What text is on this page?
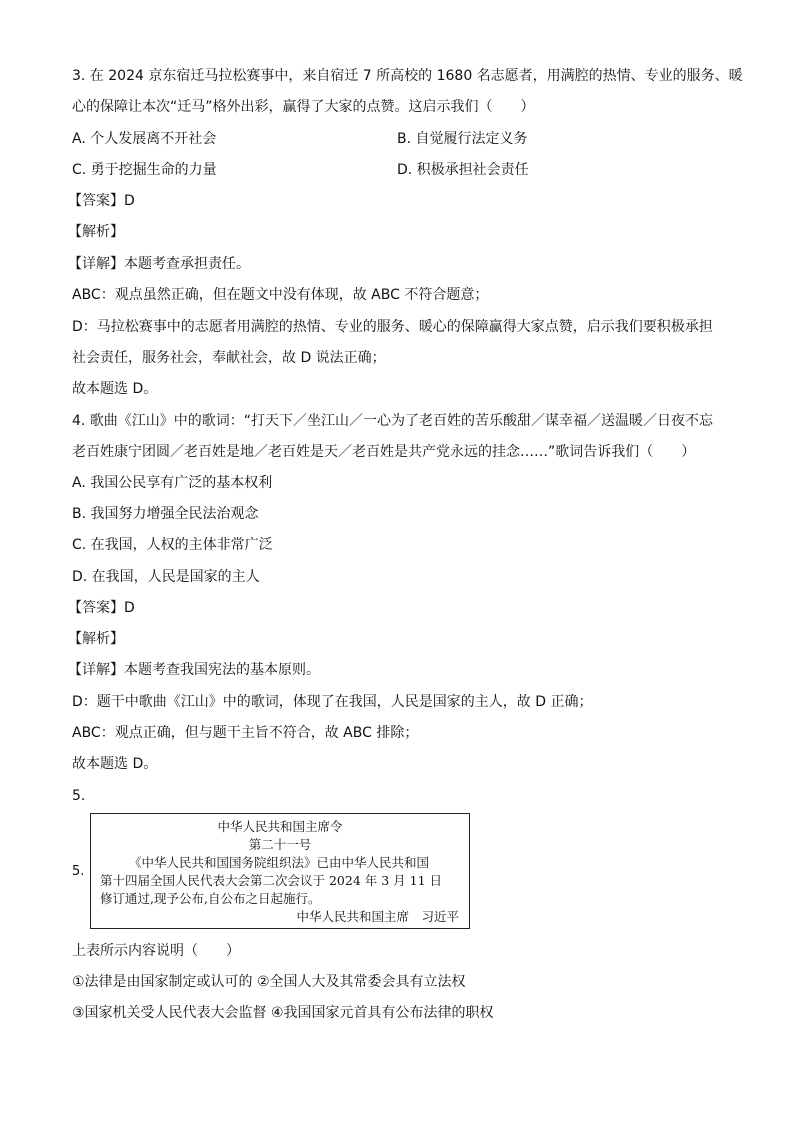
3. 在 2024 京东宿迁马拉松赛事中，来自宿迁 7 所高校的 1680 名志愿者，用满腔的热情、专业的服务、暖
心的保障让本次“迁马”格外出彩，赢得了大家的点赞。这启示我们（　　）
A. 个人发展离不开社会	B. 自觉履行法定义务
C. 勇于挖掘生命的力量	D. 积极承担社会责任
【答案】D
【解析】
【详解】本题考查承担责任。
ABC：观点虽然正确，但在题文中没有体现，故 ABC 不符合题意；
D：马拉松赛事中的志愿者用满腔的热情、专业的服务、暖心的保障赢得大家点赞，启示我们要积极承担
社会责任，服务社会，奉献社会，故 D 说法正确；
故本题选 D。
4. 歌曲《江山》中的歌词：“打天下／坐江山／一心为了老百姓的苦乐酸甜／谋幸福／送温暖／日夜不忘
老百姓康宁团圆／老百姓是地／老百姓是天／老百姓是共产党永远的挂念……”歌词告诉我们（　　）
A. 我国公民享有广泛的基本权利
B. 我国努力增强全民法治观念
C. 在我国，人权的主体非常广泛
D. 在我国，人民是国家的主人
【答案】D
【解析】
【详解】本题考查我国宪法的基本原则。
D：题干中歌曲《江山》中的歌词，体现了在我国，人民是国家的主人，故 D 正确；
ABC：观点正确，但与题干主旨不符合，故 ABC 排除；
故本题选 D。
5.
5.
中华人民共和国主席令
第二十一号
《中华人民共和国国务院组织法》已由中华人民共和国
第十四届全国人民代表大会第二次会议于 2024 年 3 月 11 日
修订通过,现予公布,自公布之日起施行。
中华人民共和国主席　习近平
上表所示内容说明（　　）
①法律是由国家制定或认可的 ②全国人大及其常委会具有立法权
③国家机关受人民代表大会监督 ④我国国家元首具有公布法律的职权
